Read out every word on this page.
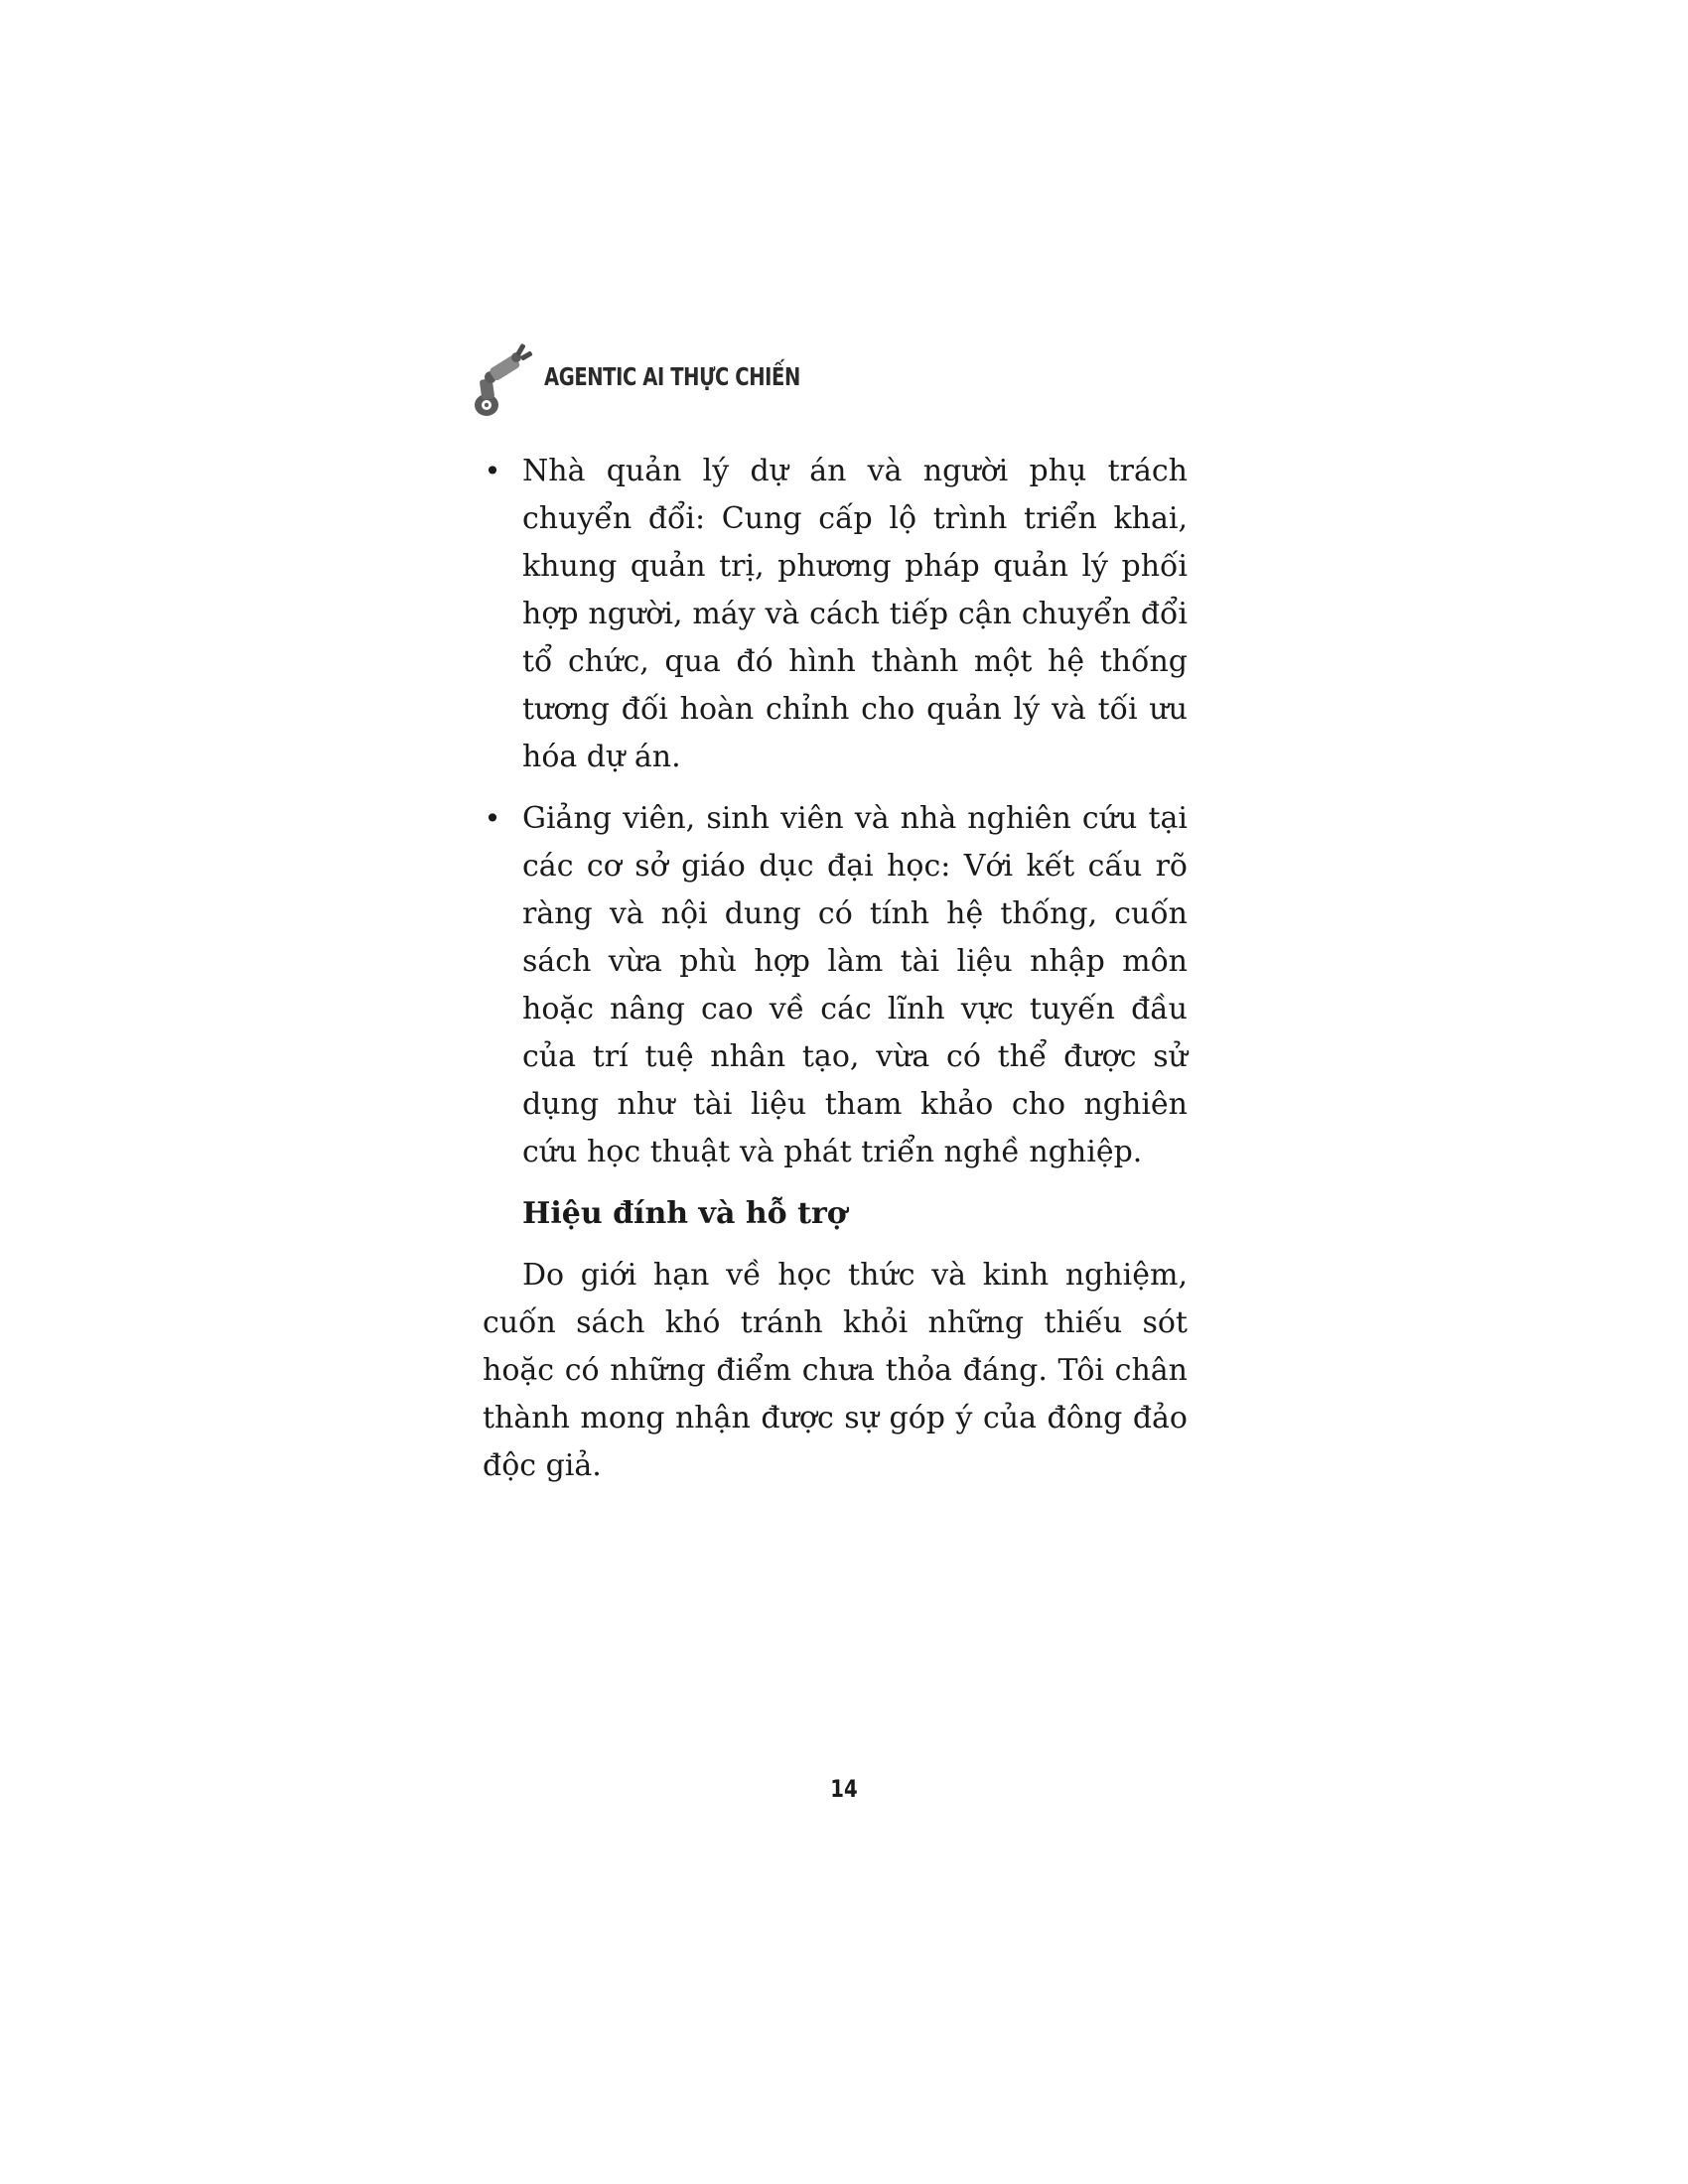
AGENTIC AI THỰC CHIẾN
• Nhà quản lý dự án và người phụ trách chuyển đổi: Cung cấp lộ trình triển khai, khung quản trị, phương pháp quản lý phối hợp người, máy và cách tiếp cận chuyển đổi tổ chức, qua đó hình thành một hệ thống tương đối hoàn chỉnh cho quản lý và tối ưu hóa dự án.
• Giảng viên, sinh viên và nhà nghiên cứu tại các cơ sở giáo dục đại học: Với kết cấu rõ ràng và nội dung có tính hệ thống, cuốn sách vừa phù hợp làm tài liệu nhập môn hoặc nâng cao về các lĩnh vực tuyến đầu của trí tuệ nhân tạo, vừa có thể được sử dụng như tài liệu tham khảo cho nghiên cứu học thuật và phát triển nghề nghiệp.
Hiệu đính và hỗ trợ

Do giới hạn về học thức và kinh nghiệm, cuốn sách khó tránh khỏi những thiếu sót hoặc có những điểm chưa thỏa đáng. Tôi chân thành mong nhận được sự góp ý của đông đảo độc giả.

14
